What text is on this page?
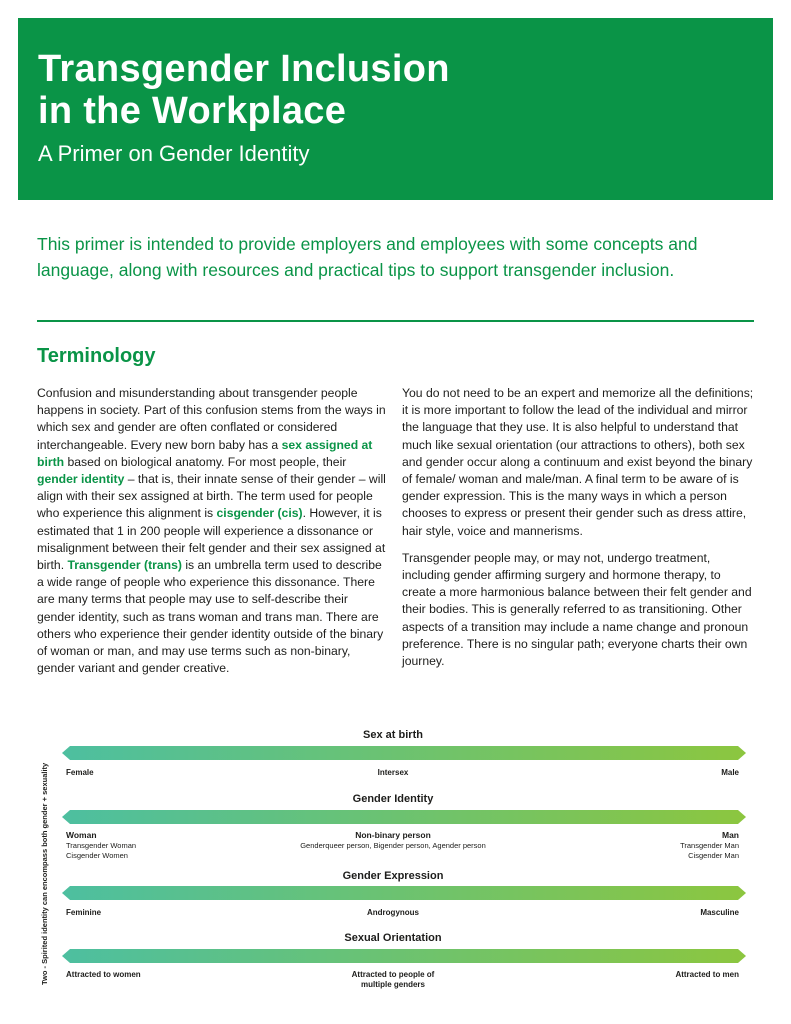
Transgender Inclusion
in the Workplace
A Primer on Gender Identity
This primer is intended to provide employers and employees with some concepts and language, along with resources and practical tips to support transgender inclusion.
Terminology

Confusion and misunderstanding about transgender people happens in society. Part of this confusion stems from the ways in which sex and gender are often conflated or considered interchangeable. Every new born baby has a sex assigned at birth based on biological anatomy. For most people, their gender identity – that is, their innate sense of their gender – will align with their sex assigned at birth. The term used for people who experience this alignment is cisgender (cis). However, it is estimated that 1 in 200 people will experience a dissonance or misalignment between their felt gender and their sex assigned at birth. Transgender (trans) is an umbrella term used to describe a wide range of people who experience this dissonance. There are many terms that people may use to self-describe their gender identity, such as trans woman and trans man. There are others who experience their gender identity outside of the binary of woman or man, and may use terms such as non-binary, gender variant and gender creative.

You do not need to be an expert and memorize all the definitions; it is more important to follow the lead of the individual and mirror the language that they use. It is also helpful to understand that much like sexual orientation (our attractions to others), both sex and gender occur along a continuum and exist beyond the binary of female/ woman and male/man. A final term to be aware of is gender expression. This is the many ways in which a person chooses to express or present their gender such as dress attire, hair style, voice and mannerisms.

Transgender people may, or may not, undergo treatment, including gender affirming surgery and hormone therapy, to create a more harmonious balance between their felt gender and their bodies. This is generally referred to as transitioning. Other aspects of a transition may include a name change and pronoun preference. There is no singular path; everyone charts their own journey.

Two - Spirited identity can encompass both gender + sexuality
Sex at birth
Female	Intersex	Male
Gender Identity
Woman
Transgender Woman
Cisgender Women
Non-binary person
Genderqueer person, Bigender person, Agender person
Man
Transgender Man
Cisgender Man
Gender Expression
Feminine	Androgynous	Masculine
Sexual Orientation
Attracted to women	Attracted to people of
multiple genders
Attracted to men
